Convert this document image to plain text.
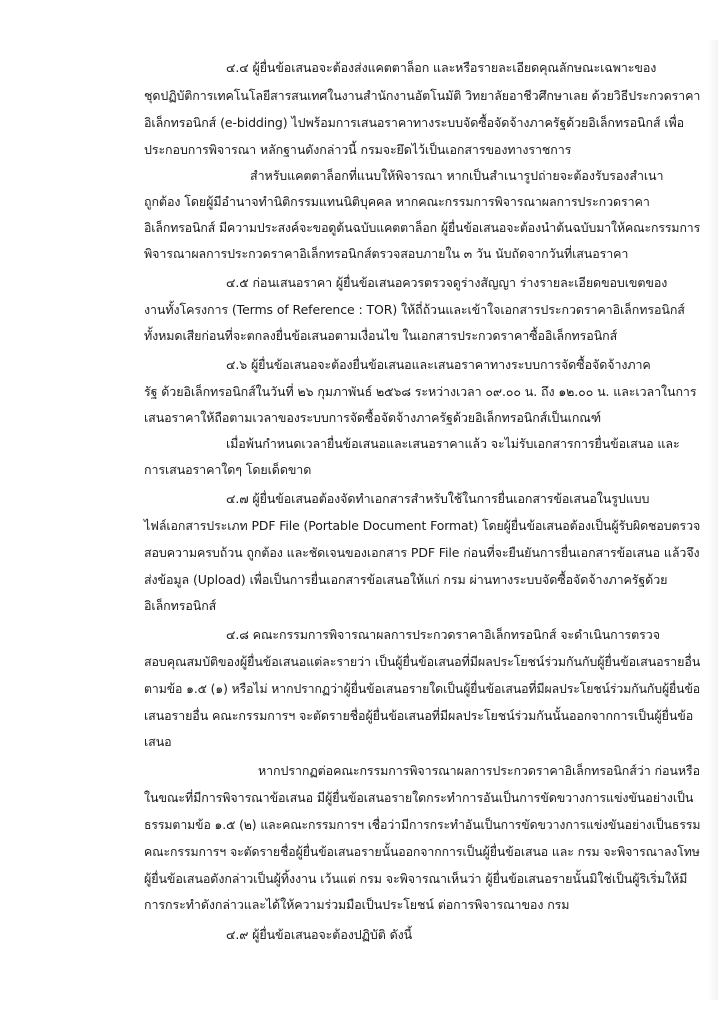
๔.๔ ผู้ยื่นข้อเสนอจะต้องส่งแคตตาล็อก และหรือรายละเอียดคุณลักษณะเฉพาะของ
ชุดปฏิบัติการเทคโนโลยีสารสนเทศในงานสำนักงานอัตโนมัติ วิทยาลัยอาชีวศึกษาเลย ด้วยวิธีประกวดราคา
อิเล็กทรอนิกส์ (e-bidding) ไปพร้อมการเสนอราคาทางระบบจัดซื้อจัดจ้างภาครัฐด้วยอิเล็กทรอนิกส์ เพื่อ
ประกอบการพิจารณา หลักฐานดังกล่าวนี้ กรมจะยึดไว้เป็นเอกสารของทางราชการ
สำหรับแคตตาล็อกที่แนบให้พิจารณา หากเป็นสำเนารูปถ่ายจะต้องรับรองสำเนา
ถูกต้อง โดยผู้มีอำนาจทำนิติกรรมแทนนิติบุคคล หากคณะกรรมการพิจารณาผลการประกวดราคา
อิเล็กทรอนิกส์ มีความประสงค์จะขอดูต้นฉบับแคตตาล็อก ผู้ยื่นข้อเสนอจะต้องนำต้นฉบับมาให้คณะกรรมการ
พิจารณาผลการประกวดราคาอิเล็กทรอนิกส์ตรวจสอบภายใน ๓ วัน นับถัดจากวันที่เสนอราคา
๔.๕ ก่อนเสนอราคา ผู้ยื่นข้อเสนอควรตรวจดูร่างสัญญา ร่างรายละเอียดขอบเขตของ
งานทั้งโครงการ (Terms of Reference : TOR) ให้ถี่ถ้วนและเข้าใจเอกสารประกวดราคาอิเล็กทรอนิกส์
ทั้งหมดเสียก่อนที่จะตกลงยื่นข้อเสนอตามเงื่อนไข ในเอกสารประกวดราคาซื้ออิเล็กทรอนิกส์
๔.๖ ผู้ยื่นข้อเสนอจะต้องยื่นข้อเสนอและเสนอราคาทางระบบการจัดซื้อจัดจ้างภาค
รัฐ ด้วยอิเล็กทรอนิกส์ในวันที่ ๒๖ กุมภาพันธ์ ๒๕๖๘ ระหว่างเวลา ๐๙.๐๐ น. ถึง ๑๒.๐๐ น. และเวลาในการ
เสนอราคาให้ถือตามเวลาของระบบการจัดซื้อจัดจ้างภาครัฐด้วยอิเล็กทรอนิกส์เป็นเกณฑ์
เมื่อพ้นกำหนดเวลายื่นข้อเสนอและเสนอราคาแล้ว จะไม่รับเอกสารการยื่นข้อเสนอ และ
การเสนอราคาใดๆ โดยเด็ดขาด
๔.๗ ผู้ยื่นข้อเสนอต้องจัดทำเอกสารสำหรับใช้ในการยื่นเอกสารข้อเสนอในรูปแบบ
ไฟล์เอกสารประเภท PDF File (Portable Document Format) โดยผู้ยื่นข้อเสนอต้องเป็นผู้รับผิดชอบตรวจ
สอบความครบถ้วน ถูกต้อง และชัดเจนของเอกสาร PDF File ก่อนที่จะยืนยันการยื่นเอกสารข้อเสนอ แล้วจึง
ส่งข้อมูล (Upload) เพื่อเป็นการยื่นเอกสารข้อเสนอให้แก่ กรม ผ่านทางระบบจัดซื้อจัดจ้างภาครัฐด้วย
อิเล็กทรอนิกส์
๔.๘ คณะกรรมการพิจารณาผลการประกวดราคาอิเล็กทรอนิกส์ จะดำเนินการตรวจ
สอบคุณสมบัติของผู้ยื่นข้อเสนอแต่ละรายว่า เป็นผู้ยื่นข้อเสนอที่มีผลประโยชน์ร่วมกันกับผู้ยื่นข้อเสนอรายอื่น
ตามข้อ ๑.๕ (๑) หรือไม่ หากปรากฏว่าผู้ยื่นข้อเสนอรายใดเป็นผู้ยื่นข้อเสนอที่มีผลประโยชน์ร่วมกันกับผู้ยื่นข้อ
เสนอรายอื่น คณะกรรมการฯ จะตัดรายชื่อผู้ยื่นข้อเสนอที่มีผลประโยชน์ร่วมกันนั้นออกจากการเป็นผู้ยื่นข้อ
เสนอ
หากปรากฏต่อคณะกรรมการพิจารณาผลการประกวดราคาอิเล็กทรอนิกส์ว่า ก่อนหรือ
ในขณะที่มีการพิจารณาข้อเสนอ มีผู้ยื่นข้อเสนอรายใดกระทำการอันเป็นการขัดขวางการแข่งขันอย่างเป็น
ธรรมตามข้อ ๑.๕ (๒) และคณะกรรมการฯ เชื่อว่ามีการกระทำอันเป็นการขัดขวางการแข่งขันอย่างเป็นธรรม
คณะกรรมการฯ จะตัดรายชื่อผู้ยื่นข้อเสนอรายนั้นออกจากการเป็นผู้ยื่นข้อเสนอ และ กรม จะพิจารณาลงโทษ
ผู้ยื่นข้อเสนอดังกล่าวเป็นผู้ทิ้งงาน เว้นแต่ กรม จะพิจารณาเห็นว่า ผู้ยื่นข้อเสนอรายนั้นมิใช่เป็นผู้ริเริ่มให้มี
การกระทำดังกล่าวและได้ให้ความร่วมมือเป็นประโยชน์ ต่อการพิจารณาของ กรม
๔.๙ ผู้ยื่นข้อเสนอจะต้องปฏิบัติ ดังนี้
